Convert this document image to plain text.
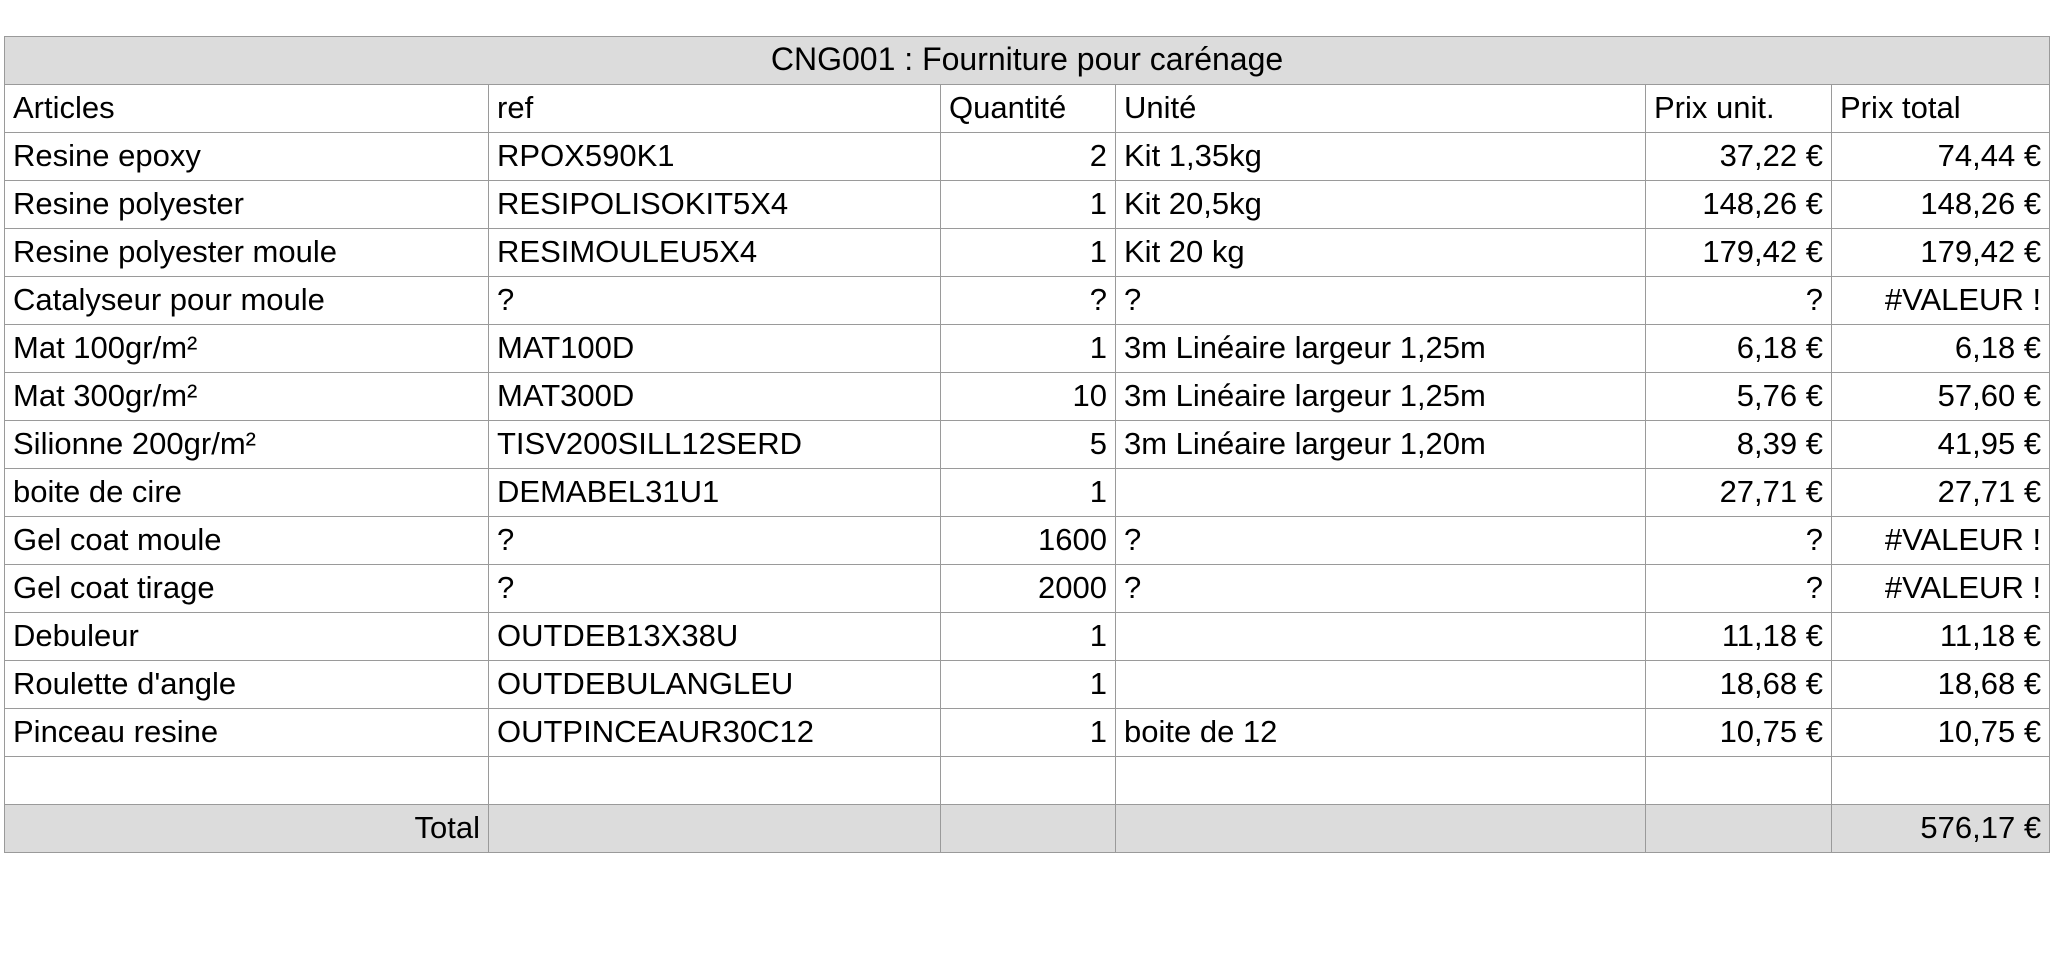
CNG001 : Fourniture pour carénage					
Articles	ref	Quantité	Unité	Prix unit.	Prix total
Resine epoxy	RPOX590K1	2	Kit 1,35kg	37,22 €	74,44 €
Resine polyester	RESIPOLISOKIT5X4	1	Kit 20,5kg	148,26 €	148,26 €
Resine polyester moule	RESIMOULEU5X4	1	Kit 20 kg	179,42 €	179,42 €
Catalyseur pour moule	?	?	?	?	#VALEUR !
Mat 100gr/m²	MAT100D	1	3m Linéaire largeur 1,25m	6,18 €	6,18 €
Mat 300gr/m²	MAT300D	10	3m Linéaire largeur 1,25m	5,76 €	57,60 €
Silionne 200gr/m²	TISV200SILL12SERD	5	3m Linéaire largeur 1,20m	8,39 €	41,95 €
boite de cire	DEMABEL31U1	1		27,71 €	27,71 €
Gel coat moule	?	1600	?	?	#VALEUR !
Gel coat tirage	?	2000	?	?	#VALEUR !
Debuleur	OUTDEB13X38U	1		11,18 €	11,18 €
Roulette d'angle	OUTDEBULANGLEU	1		18,68 €	18,68 €
Pinceau resine	OUTPINCEAUR30C12	1	boite de 12	10,75 €	10,75 €

Total					576,17 €
